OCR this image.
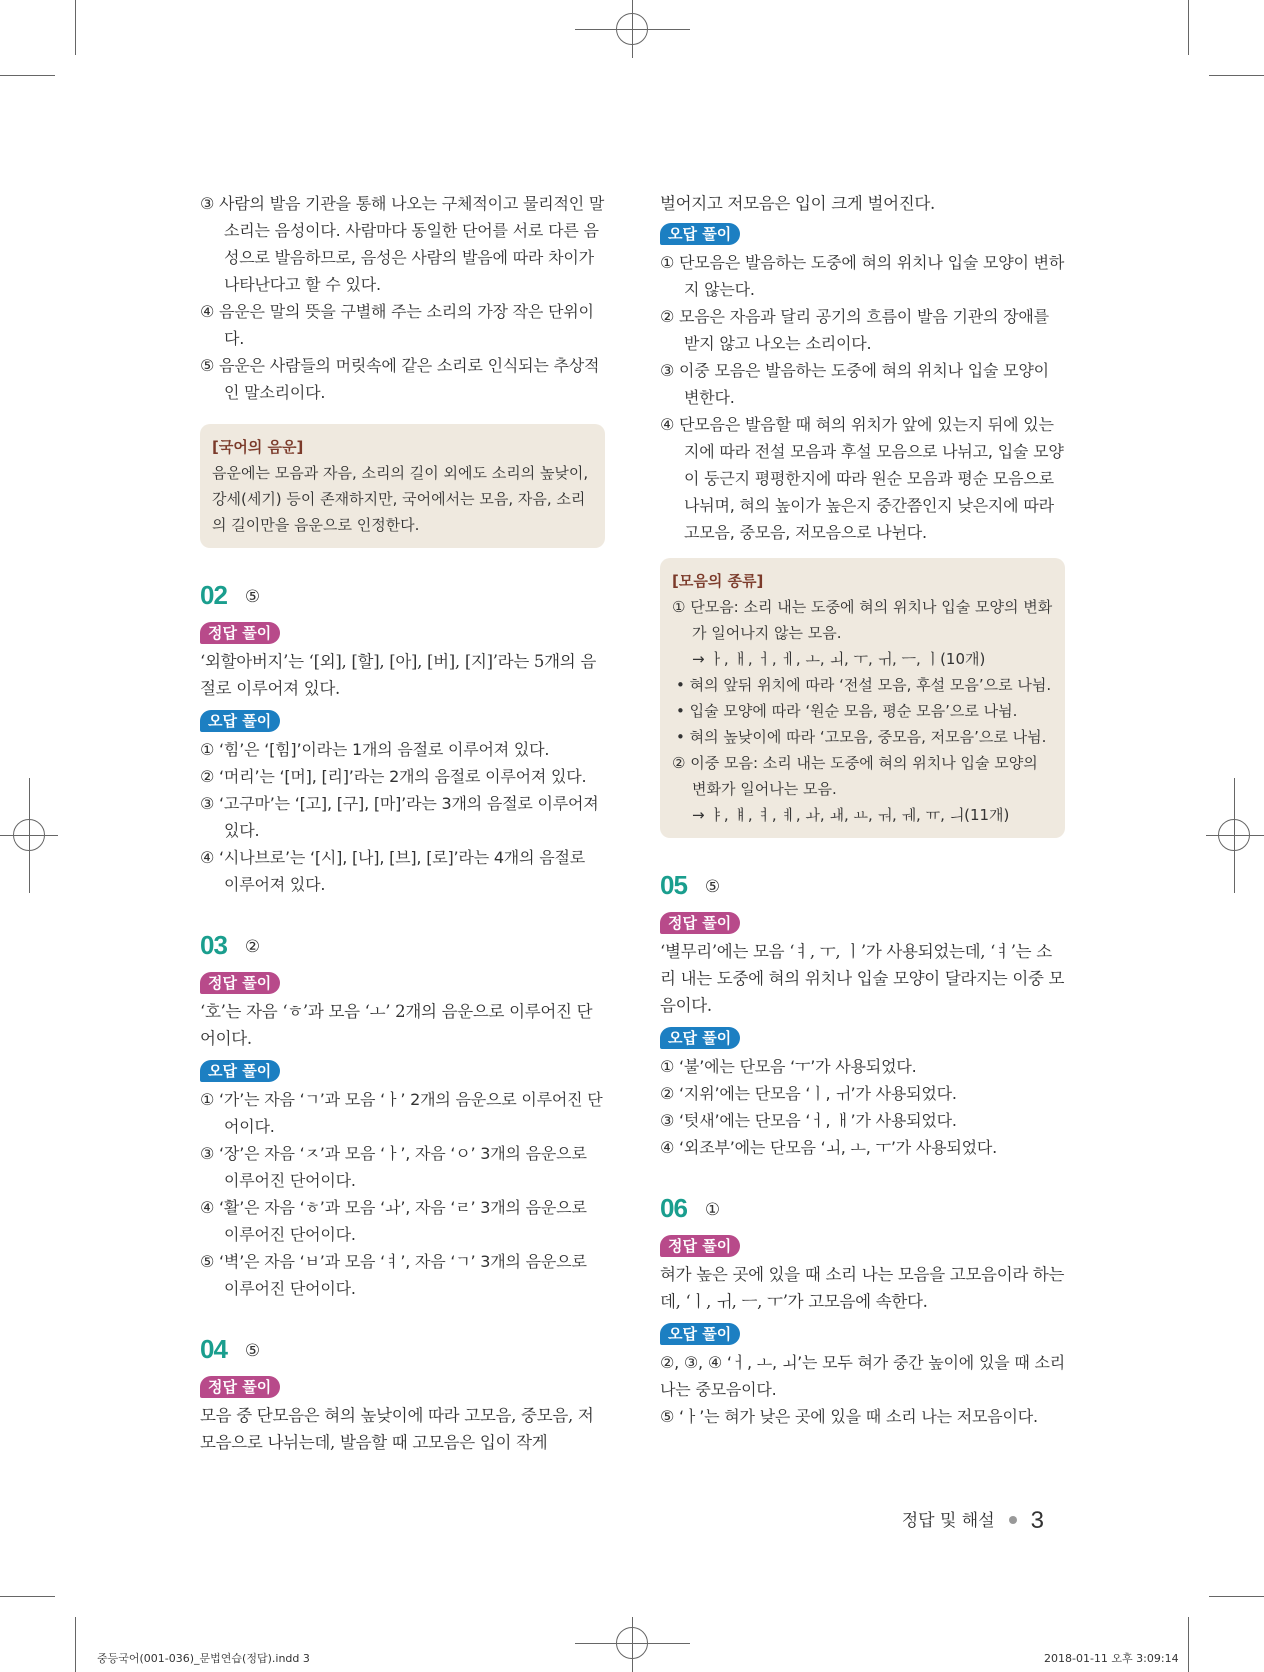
③ 사람의 발음 기관을 통해 나오는 구체적이고 물리적인 말소리는 음성이다. 사람마다 동일한 단어를 서로 다른 음성으로 발음하므로, 음성은 사람의 발음에 따라 차이가 나타난다고 할 수 있다.
④ 음운은 말의 뜻을 구별해 주는 소리의 가장 작은 단위이다.
⑤ 음운은 사람들의 머릿속에 같은 소리로 인식되는 추상적인 말소리이다.
[국어의 음운]
음운에는 모음과 자음, 소리의 길이 외에도 소리의 높낮이, 강세(세기) 등이 존재하지만, 국어에서는 모음, 자음, 소리의 길이만을 음운으로 인정한다.
02 ⑤
정답 풀이
‘외할아버지’는 ‘[외], [할], [아], [버], [지]’라는 5개의 음절로 이루어져 있다.
오답 풀이
① ‘힘’은 ‘[힘]’이라는 1개의 음절로 이루어져 있다.
② ‘머리’는 ‘[머], [리]’라는 2개의 음절로 이루어져 있다.
③ ‘고구마’는 ‘[고], [구], [마]’라는 3개의 음절로 이루어져 있다.
④ ‘시나브로’는 ‘[시], [나], [브], [로]’라는 4개의 음절로 이루어져 있다.
03 ②
정답 풀이
‘호’는 자음 ‘ㅎ’과 모음 ‘ㅗ’ 2개의 음운으로 이루어진 단어이다.
오답 풀이
① ‘가’는 자음 ‘ㄱ’과 모음 ‘ㅏ’ 2개의 음운으로 이루어진 단어이다.
③ ‘장’은 자음 ‘ㅈ’과 모음 ‘ㅏ’, 자음 ‘ㅇ’ 3개의 음운으로 이루어진 단어이다.
④ ‘활’은 자음 ‘ㅎ’과 모음 ‘ㅘ’, 자음 ‘ㄹ’ 3개의 음운으로 이루어진 단어이다.
⑤ ‘벽’은 자음 ‘ㅂ’과 모음 ‘ㅕ’, 자음 ‘ㄱ’ 3개의 음운으로 이루어진 단어이다.
04 ⑤
정답 풀이
모음 중 단모음은 혀의 높낮이에 따라 고모음, 중모음, 저모음으로 나뉘는데, 발음할 때 고모음은 입이 작게
벌어지고 저모음은 입이 크게 벌어진다.
오답 풀이
① 단모음은 발음하는 도중에 혀의 위치나 입술 모양이 변하지 않는다.
② 모음은 자음과 달리 공기의 흐름이 발음 기관의 장애를 받지 않고 나오는 소리이다.
③ 이중 모음은 발음하는 도중에 혀의 위치나 입술 모양이 변한다.
④ 단모음은 발음할 때 혀의 위치가 앞에 있는지 뒤에 있는지에 따라 전설 모음과 후설 모음으로 나뉘고, 입술 모양이 둥근지 평평한지에 따라 원순 모음과 평순 모음으로 나뉘며, 혀의 높이가 높은지 중간쯤인지 낮은지에 따라 고모음, 중모음, 저모음으로 나뉜다.
[모음의 종류]
① 단모음: 소리 내는 도중에 혀의 위치나 입술 모양의 변화가 일어나지 않는 모음.
→ ㅏ, ㅐ, ㅓ, ㅔ, ㅗ, ㅚ, ㅜ, ㅟ, ㅡ, ㅣ(10개)
• 혀의 앞뒤 위치에 따라 ‘전설 모음, 후설 모음’으로 나뉨.
• 입술 모양에 따라 ‘원순 모음, 평순 모음’으로 나뉨.
• 혀의 높낮이에 따라 ‘고모음, 중모음, 저모음’으로 나뉨.
② 이중 모음: 소리 내는 도중에 혀의 위치나 입술 모양의 변화가 일어나는 모음.
→ ㅑ, ㅒ, ㅕ, ㅖ, ㅘ, ㅙ, ㅛ, ㅝ, ㅞ, ㅠ, ㅢ(11개)
05 ⑤
정답 풀이
‘별무리’에는 모음 ‘ㅕ, ㅜ, ㅣ’가 사용되었는데, ‘ㅕ’는 소리 내는 도중에 혀의 위치나 입술 모양이 달라지는 이중 모음이다.
오답 풀이
① ‘불’에는 단모음 ‘ㅜ’가 사용되었다.
② ‘지위’에는 단모음 ‘ㅣ, ㅟ’가 사용되었다.
③ ‘텃새’에는 단모음 ‘ㅓ, ㅐ’가 사용되었다.
④ ‘외조부’에는 단모음 ‘ㅚ, ㅗ, ㅜ’가 사용되었다.
06 ①
정답 풀이
혀가 높은 곳에 있을 때 소리 나는 모음을 고모음이라 하는데, ‘ㅣ, ㅟ, ㅡ, ㅜ’가 고모음에 속한다.
오답 풀이
②, ③, ④ ‘ㅓ, ㅗ, ㅚ’는 모두 혀가 중간 높이에 있을 때 소리 나는 중모음이다.
⑤ ‘ㅏ’는 혀가 낮은 곳에 있을 때 소리 나는 저모음이다.
정답 및 해설 3
중등국어(001-036)_문법연습(정답).indd 3	2018-01-11 오후 3:09:14
